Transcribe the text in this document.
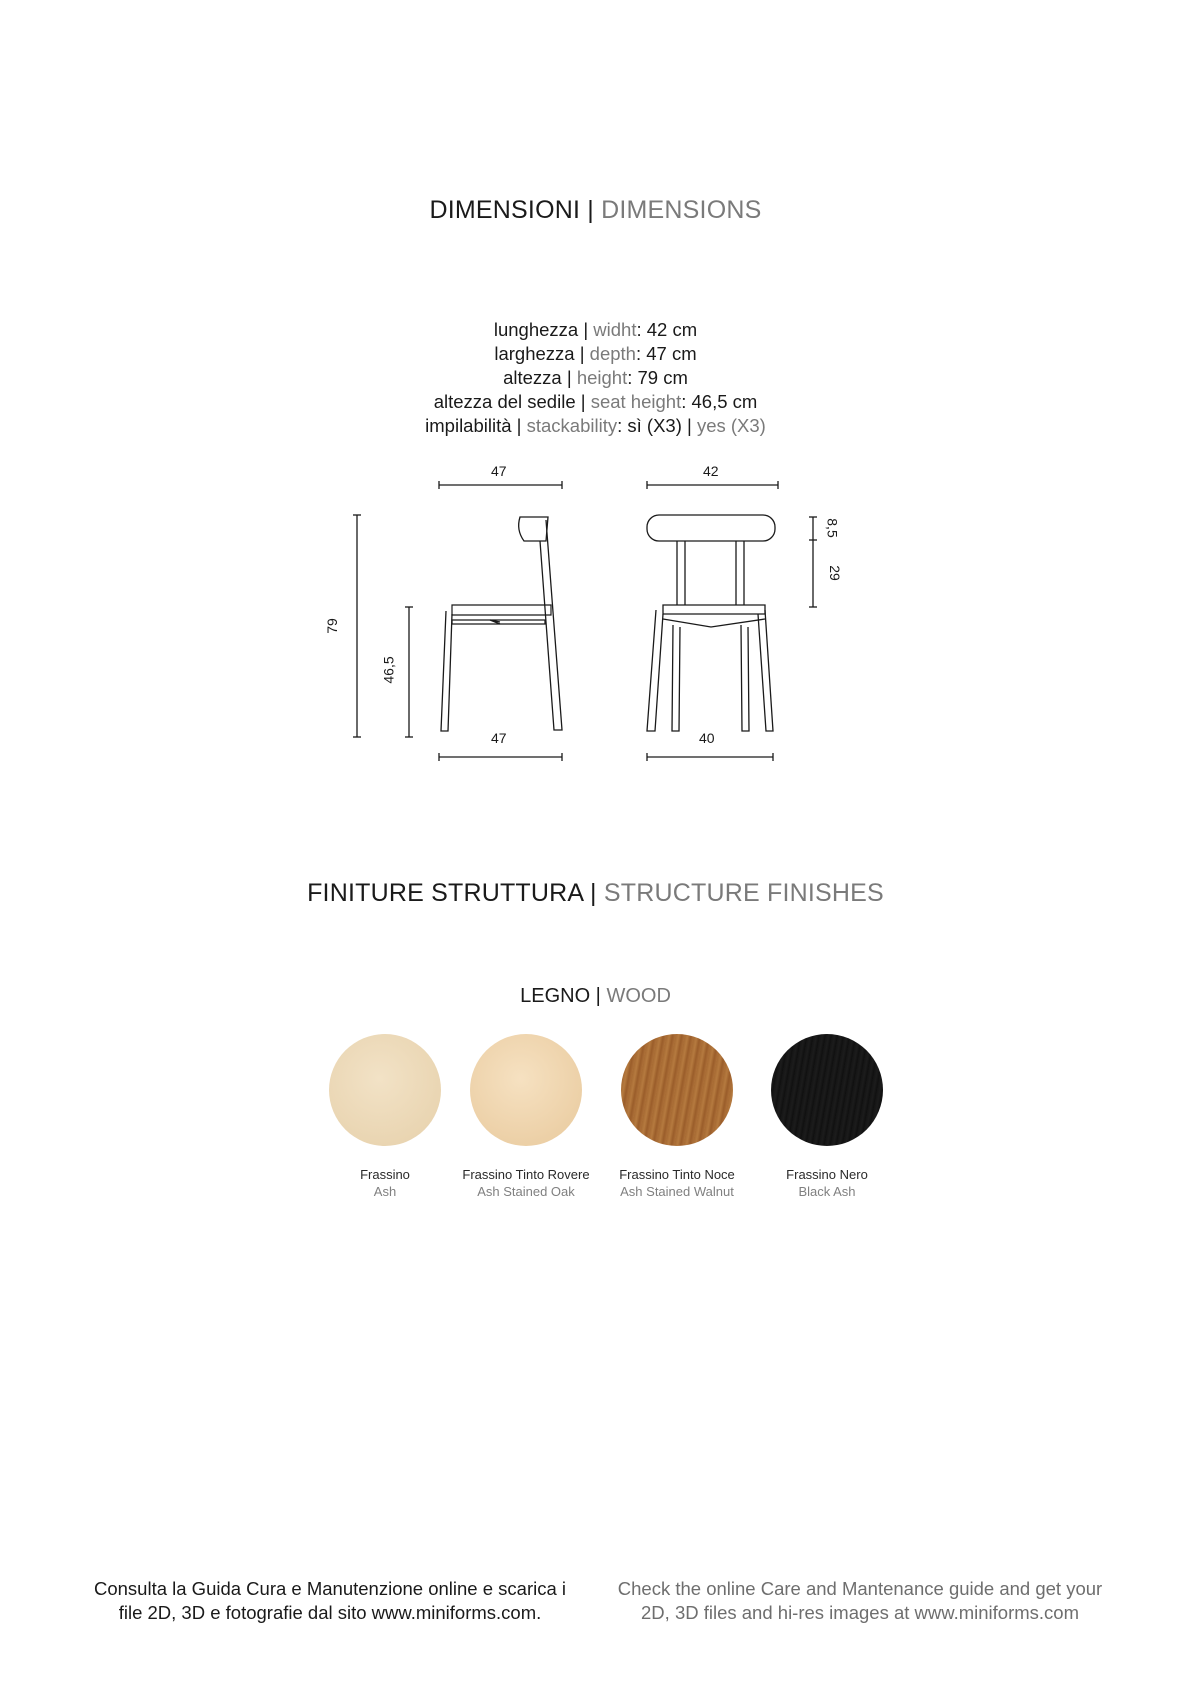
DIMENSIONI | DIMENSIONS
lunghezza | widht: 42 cm
larghezza | depth: 47 cm
altezza | height: 79 cm
altezza del sedile | seat height: 46,5 cm
impilabilità | stackability: sì (X3) | yes (X3)
47	42
47	40
79
46,5
8,5
29
FINITURE STRUTTURA | STRUCTURE FINISHES
LEGNO | WOOD
Frassino
Ash
Frassino Tinto Rovere
Ash Stained Oak
Frassino Tinto Noce
Ash Stained Walnut
Frassino Nero
Black Ash
Consulta la Guida Cura e Manutenzione online e scarica i
file 2D, 3D e fotografie dal sito www.miniforms.com.
Check the online Care and Mantenance guide and get your
2D, 3D files and hi-res images at www.miniforms.com
